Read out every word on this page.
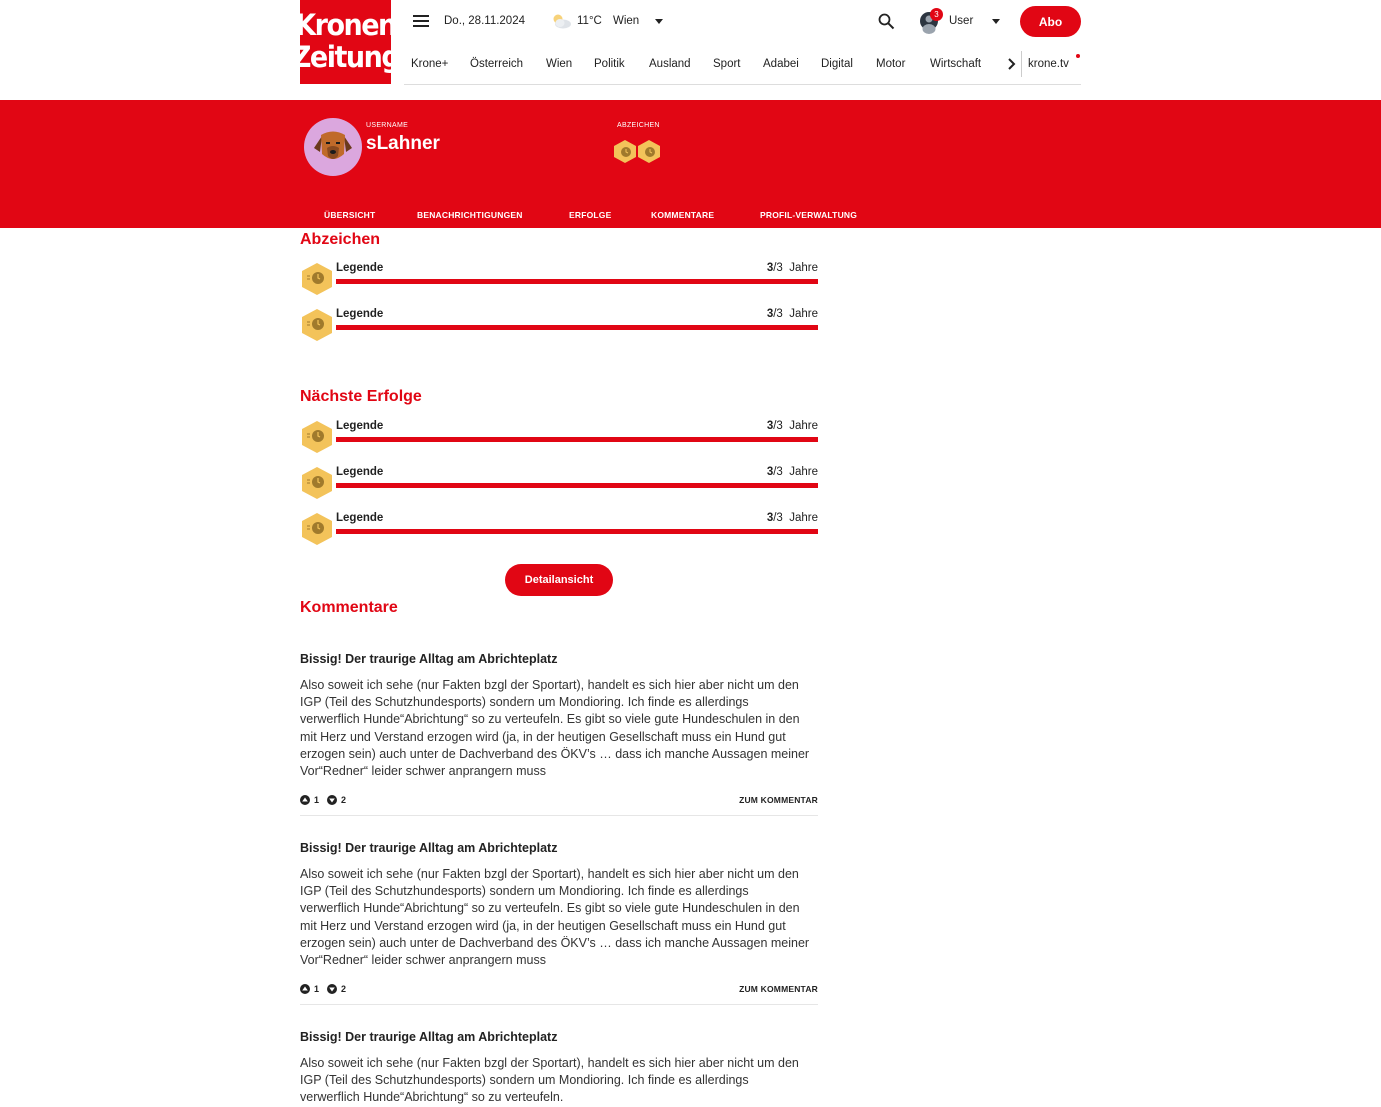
Kronen
Zeitung
Do., 28.11.2024	11°C Wien
3
User	Abo
Krone+ Österreich Wien Politik Ausland Sport Adabei Digital Motor Wirtschaft	krone.tv
USERNAME
sLahner
ABZEICHEN
ÜBERSICHT	BENACHRICHTIGUNGEN	ERFOLGE	KOMMENTARE	PROFIL-VERWALTUNG
Abzeichen
Legende	3/3 Jahre
Legende	3/3 Jahre
Nächste Erfolge
Legende	3/3 Jahre
Legende	3/3 Jahre
Legende	3/3 Jahre
Detailansicht
Kommentare
Bissig! Der traurige Alltag am Abrichteplatz
Also soweit ich sehe (nur Fakten bzgl der Sportart), handelt es sich hier aber nicht um den IGP (Teil des Schutzhundesports) sondern um Mondioring. Ich finde es allerdings verwerflich Hunde“Abrichtung“ so zu verteufeln. Es gibt so viele gute Hundeschulen in den mit Herz und Verstand erzogen wird (ja, in der heutigen Gesellschaft muss ein Hund gut erzogen sein) auch unter de Dachverband des ÖKV’s … dass ich manche Aussagen meiner Vor“Redner“ leider schwer anprangern muss
1 2	ZUM KOMMENTAR
Bissig! Der traurige Alltag am Abrichteplatz
Also soweit ich sehe (nur Fakten bzgl der Sportart), handelt es sich hier aber nicht um den IGP (Teil des Schutzhundesports) sondern um Mondioring. Ich finde es allerdings verwerflich Hunde“Abrichtung“ so zu verteufeln. Es gibt so viele gute Hundeschulen in den mit Herz und Verstand erzogen wird (ja, in der heutigen Gesellschaft muss ein Hund gut erzogen sein) auch unter de Dachverband des ÖKV’s … dass ich manche Aussagen meiner Vor“Redner“ leider schwer anprangern muss
1 2	ZUM KOMMENTAR
Bissig! Der traurige Alltag am Abrichteplatz
Also soweit ich sehe (nur Fakten bzgl der Sportart), handelt es sich hier aber nicht um den IGP (Teil des Schutzhundesports) sondern um Mondioring. Ich finde es allerdings verwerflich Hunde“Abrichtung“ so zu verteufeln.
